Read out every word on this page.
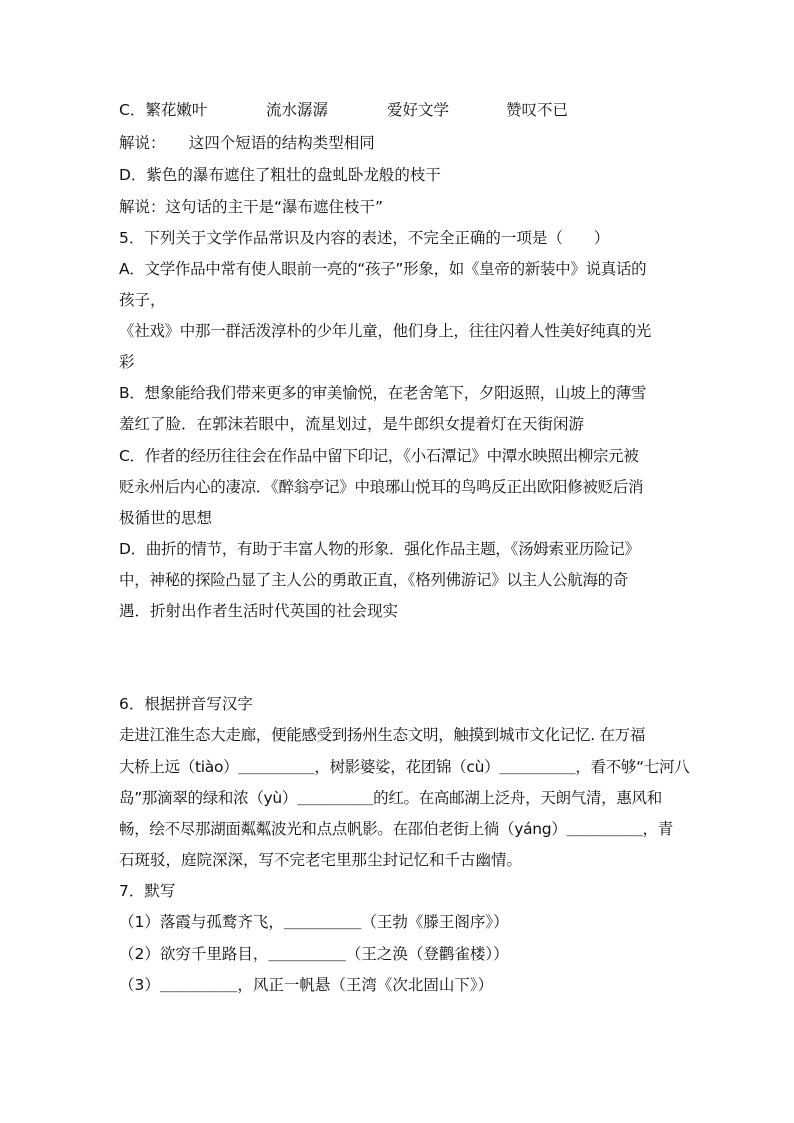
C．繁花嫩叶	流水潺潺	爱好文学	赞叹不已
解说：　　这四个短语的结构类型相同
D．紫色的瀑布遮住了粗壮的盘虬卧龙般的枝干
解说：这句话的主干是“瀑布遮住枝干”
5．下列关于文学作品常识及内容的表述，不完全正确的一项是（　　）
A．文学作品中常有使人眼前一亮的“孩子”形象，如《皇帝的新装中》说真话的
孩子，
《社戏》中那一群活泼淳朴的少年儿童，他们身上，往往闪着人性美好纯真的光
彩
B．想象能给我们带来更多的审美愉悦，在老舍笔下，夕阳返照，山坡上的薄雪
羞红了脸．在郭沫若眼中，流星划过，是牛郎织女提着灯在天街闲游
C．作者的经历往往会在作品中留下印记，《小石潭记》中潭水映照出柳宗元被
贬永州后内心的凄凉．《醉翁亭记》中琅琊山悦耳的鸟鸣反正出欧阳修被贬后消
极循世的思想
D．曲折的情节，有助于丰富人物的形象．强化作品主题，《汤姆索亚历险记》
中，神秘的探险凸显了主人公的勇敢正直，《格列佛游记》以主人公航海的奇
遇．折射出作者生活时代英国的社会现实
6．根据拼音写汉字
走进江淮生态大走廊，便能感受到扬州生态文明，触摸到城市文化记忆. 在万福
大桥上远（tiào）＿＿＿＿＿，树影婆娑，花团锦（cù）＿＿＿＿＿，看不够“七河八
岛”那滴翠的绿和浓（yù）＿＿＿＿＿的红。在高邮湖上泛舟，天朗气清，惠风和
畅，绘不尽那湖面粼粼波光和点点帆影。在邵伯老街上徜（yáng）＿＿＿＿＿，青
石斑驳，庭院深深，写不完老宅里那尘封记忆和千古幽情。
7．默写
（1）落霞与孤鹜齐飞，＿＿＿＿＿（王勃《滕王阁序》）
（2）欲穷千里路目，＿＿＿＿＿（王之涣（登鹳雀楼））
（3）＿＿＿＿＿，风正一帆悬（王湾《次北固山下》）
